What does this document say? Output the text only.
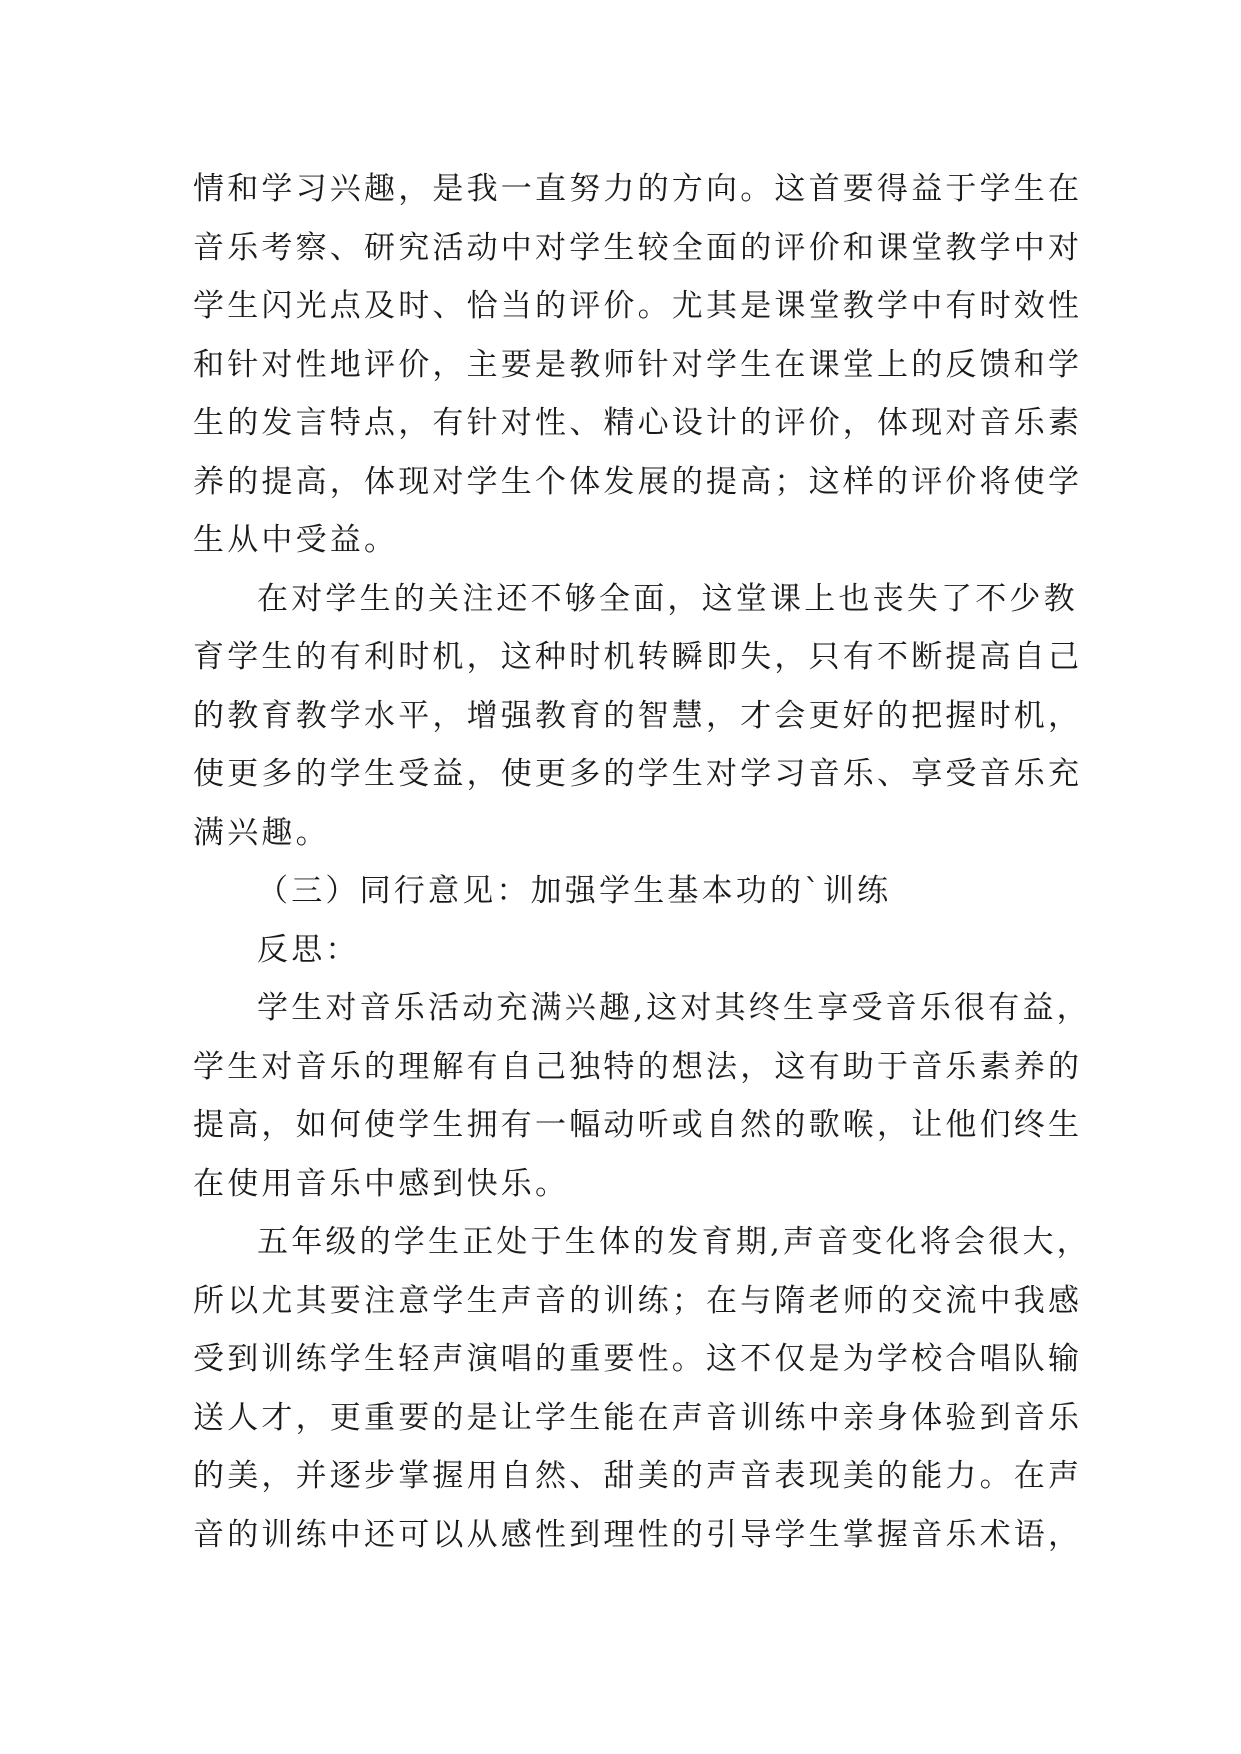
情和学习兴趣，是我一直努力的方向。这首要得益于学生在
音乐考察、研究活动中对学生较全面的评价和课堂教学中对
学生闪光点及时、恰当的评价。尤其是课堂教学中有时效性
和针对性地评价，主要是教师针对学生在课堂上的反馈和学
生的发言特点，有针对性、精心设计的评价，体现对音乐素
养的提高，体现对学生个体发展的提高；这样的评价将使学
生从中受益。
在对学生的关注还不够全面，这堂课上也丧失了不少教
育学生的有利时机，这种时机转瞬即失，只有不断提高自己
的教育教学水平，增强教育的智慧，才会更好的把握时机，
使更多的学生受益，使更多的学生对学习音乐、享受音乐充
满兴趣。
（三）同行意见：加强学生基本功的`训练
反思：
学生对音乐活动充满兴趣,这对其终生享受音乐很有益，
学生对音乐的理解有自己独特的想法，这有助于音乐素养的
提高，如何使学生拥有一幅动听或自然的歌喉，让他们终生
在使用音乐中感到快乐。
五年级的学生正处于生体的发育期,声音变化将会很大，
所以尤其要注意学生声音的训练；在与隋老师的交流中我感
受到训练学生轻声演唱的重要性。这不仅是为学校合唱队输
送人才，更重要的是让学生能在声音训练中亲身体验到音乐
的美，并逐步掌握用自然、甜美的声音表现美的能力。在声
音的训练中还可以从感性到理性的引导学生掌握音乐术语，
